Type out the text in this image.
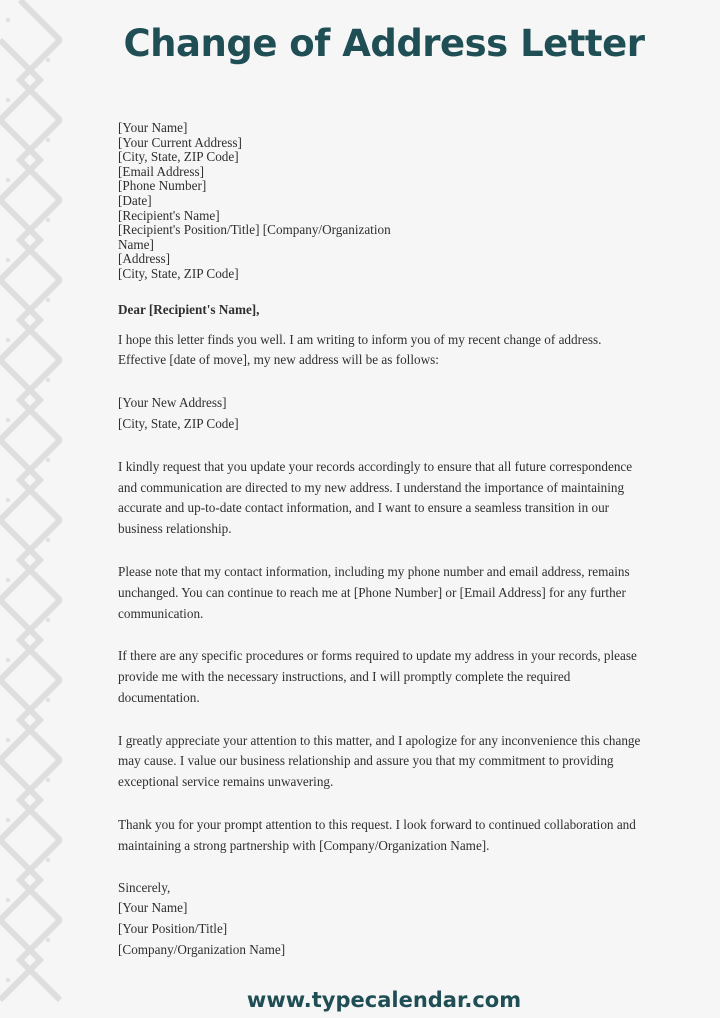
Change of Address Letter
[Your Name]
[Your Current Address]
[City, State, ZIP Code]
[Email Address]
[Phone Number]
[Date]
[Recipient's Name]
[Recipient's Position/Title] [Company/Organization Name]
[Address]
[City, State, ZIP Code]
Dear [Recipient's Name],
I hope this letter finds you well. I am writing to inform you of my recent change of address. Effective [date of move], my new address will be as follows:
[Your New Address]
[City, State, ZIP Code]
I kindly request that you update your records accordingly to ensure that all future correspondence and communication are directed to my new address. I understand the importance of maintaining accurate and up-to-date contact information, and I want to ensure a seamless transition in our business relationship.
Please note that my contact information, including my phone number and email address, remains unchanged. You can continue to reach me at [Phone Number] or [Email Address] for any further communication.
If there are any specific procedures or forms required to update my address in your records, please provide me with the necessary instructions, and I will promptly complete the required documentation.
I greatly appreciate your attention to this matter, and I apologize for any inconvenience this change may cause. I value our business relationship and assure you that my commitment to providing exceptional service remains unwavering.
Thank you for your prompt attention to this request. I look forward to continued collaboration and maintaining a strong partnership with [Company/Organization Name].
Sincerely,
[Your Name]
[Your Position/Title]
[Company/Organization Name]
www.typecalendar.com
